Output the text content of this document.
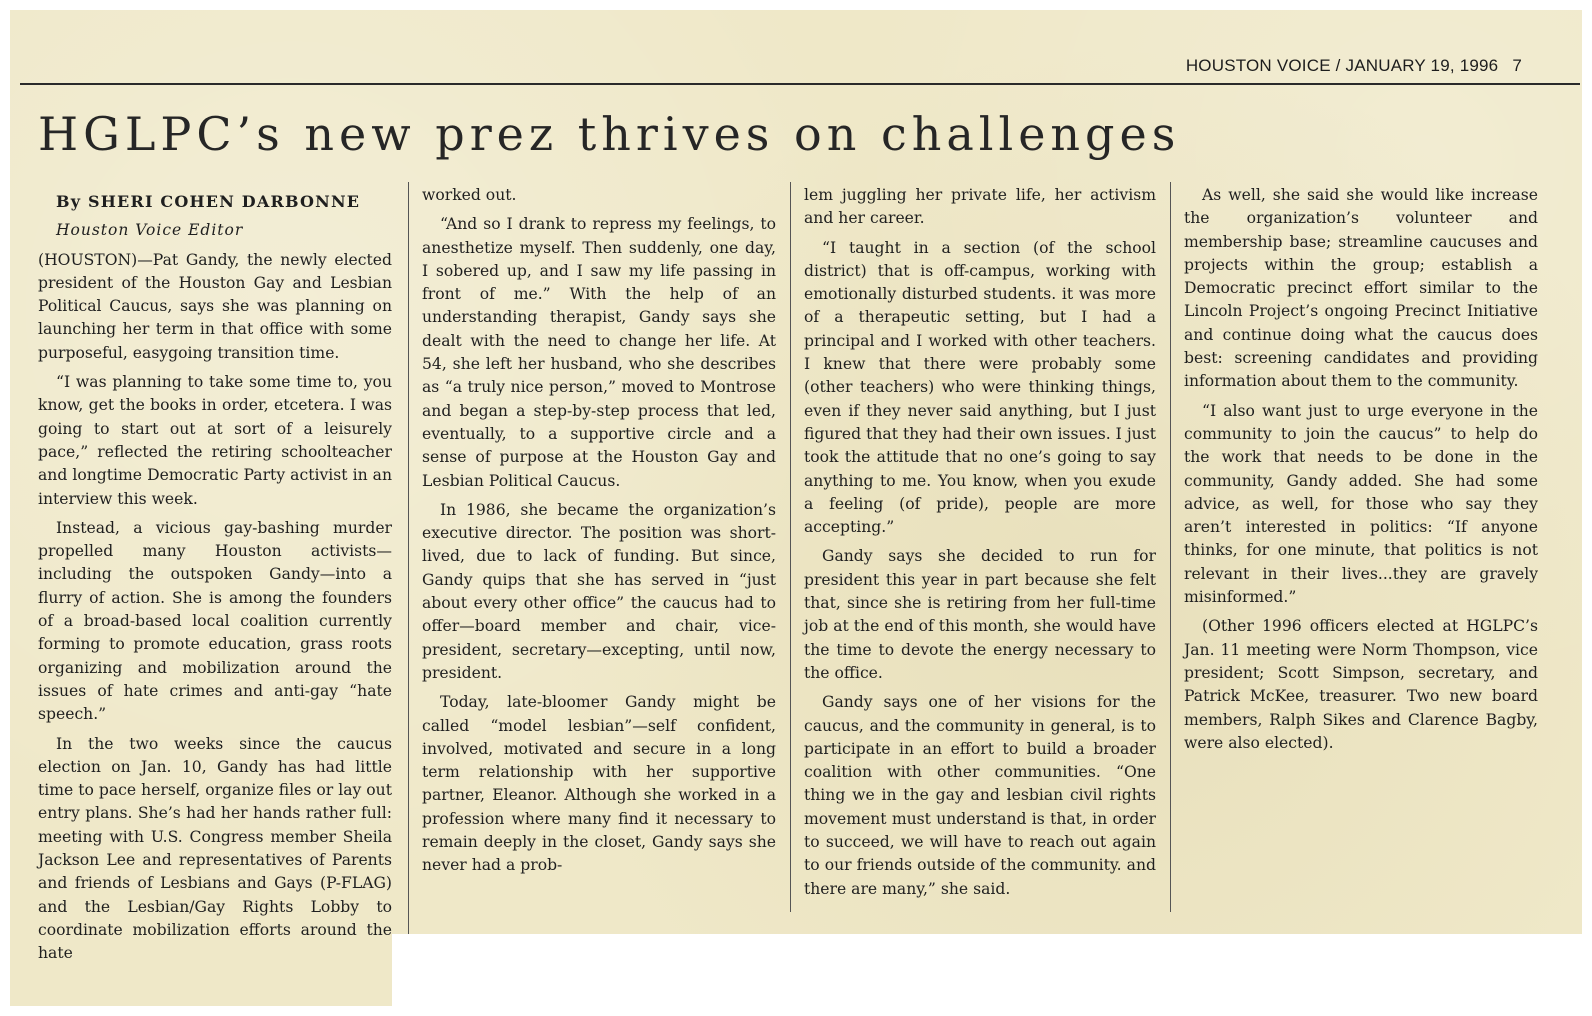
HOUSTON VOICE / JANUARY 19, 1996 7
HGLPC’s new prez thrives on challenges

By SHERI COHEN DARBONNE

Houston Voice Editor

(HOUSTON)—Pat Gandy, the newly elected president of the Houston Gay and Lesbian Political Caucus, says she was planning on launching her term in that office with some purposeful, easygoing transition time.

“I was planning to take some time to, you know, get the books in order, etcetera. I was going to start out at sort of a leisurely pace,” reflected the retiring schoolteacher and longtime Democratic Party activist in an interview this week.

Instead, a vicious gay-bashing murder propelled many Houston activists—including the outspoken Gandy—into a flurry of action. She is among the founders of a broad-based local coalition currently forming to promote education, grass roots organizing and mobilization around the issues of hate crimes and anti-gay “hate speech.”

In the two weeks since the caucus election on Jan. 10, Gandy has had little time to pace herself, organize files or lay out entry plans. She’s had her hands rather full: meeting with U.S. Congress member Sheila Jackson Lee and representatives of Parents and friends of Lesbians and Gays (P-FLAG) and the Lesbian/Gay Rights Lobby to coordinate mobilization efforts around the hate

worked out.

“And so I drank to repress my feelings, to anesthetize myself. Then suddenly, one day, I sobered up, and I saw my life passing in front of me.” With the help of an understanding therapist, Gandy says she dealt with the need to change her life. At 54, she left her husband, who she describes as “a truly nice person,” moved to Montrose and began a step-by-step process that led, eventually, to a supportive circle and a sense of purpose at the Houston Gay and Lesbian Political Caucus.

In 1986, she became the organization’s executive director. The position was short-lived, due to lack of funding. But since, Gandy quips that she has served in “just about every other office” the caucus had to offer—board member and chair, vice-president, secretary—excepting, until now, president.

Today, late-bloomer Gandy might be called “model lesbian”—self confident, involved, motivated and secure in a long term relationship with her supportive partner, Eleanor. Although she worked in a profession where many find it necessary to remain deeply in the closet, Gandy says she never had a prob-

lem juggling her private life, her activism and her career.

“I taught in a section (of the school district) that is off-campus, working with emotionally disturbed students. it was more of a therapeutic setting, but I had a principal and I worked with other teachers. I knew that there were probably some (other teachers) who were thinking things, even if they never said anything, but I just figured that they had their own issues. I just took the attitude that no one’s going to say anything to me. You know, when you exude a feeling (of pride), people are more accepting.”

Gandy says she decided to run for president this year in part because she felt that, since she is retiring from her full-time job at the end of this month, she would have the time to devote the energy necessary to the office.

Gandy says one of her visions for the caucus, and the community in general, is to participate in an effort to build a broader coalition with other communities. “One thing we in the gay and lesbian civil rights movement must understand is that, in order to succeed, we will have to reach out again to our friends outside of the community. and there are many,” she said.

As well, she said she would like increase the organization’s volunteer and membership base; streamline caucuses and projects within the group; establish a Democratic precinct effort similar to the Lincoln Project’s ongoing Precinct Initiative and continue doing what the caucus does best: screening candidates and providing information about them to the community.

“I also want just to urge everyone in the community to join the caucus” to help do the work that needs to be done in the community, Gandy added. She had some advice, as well, for those who say they aren’t interested in politics: “If anyone thinks, for one minute, that politics is not relevant in their lives...they are gravely misinformed.”

(Other 1996 officers elected at HGLPC’s Jan. 11 meeting were Norm Thompson, vice president; Scott Simpson, secretary, and Patrick McKee, treasurer. Two new board members, Ralph Sikes and Clarence Bagby, were also elected).
